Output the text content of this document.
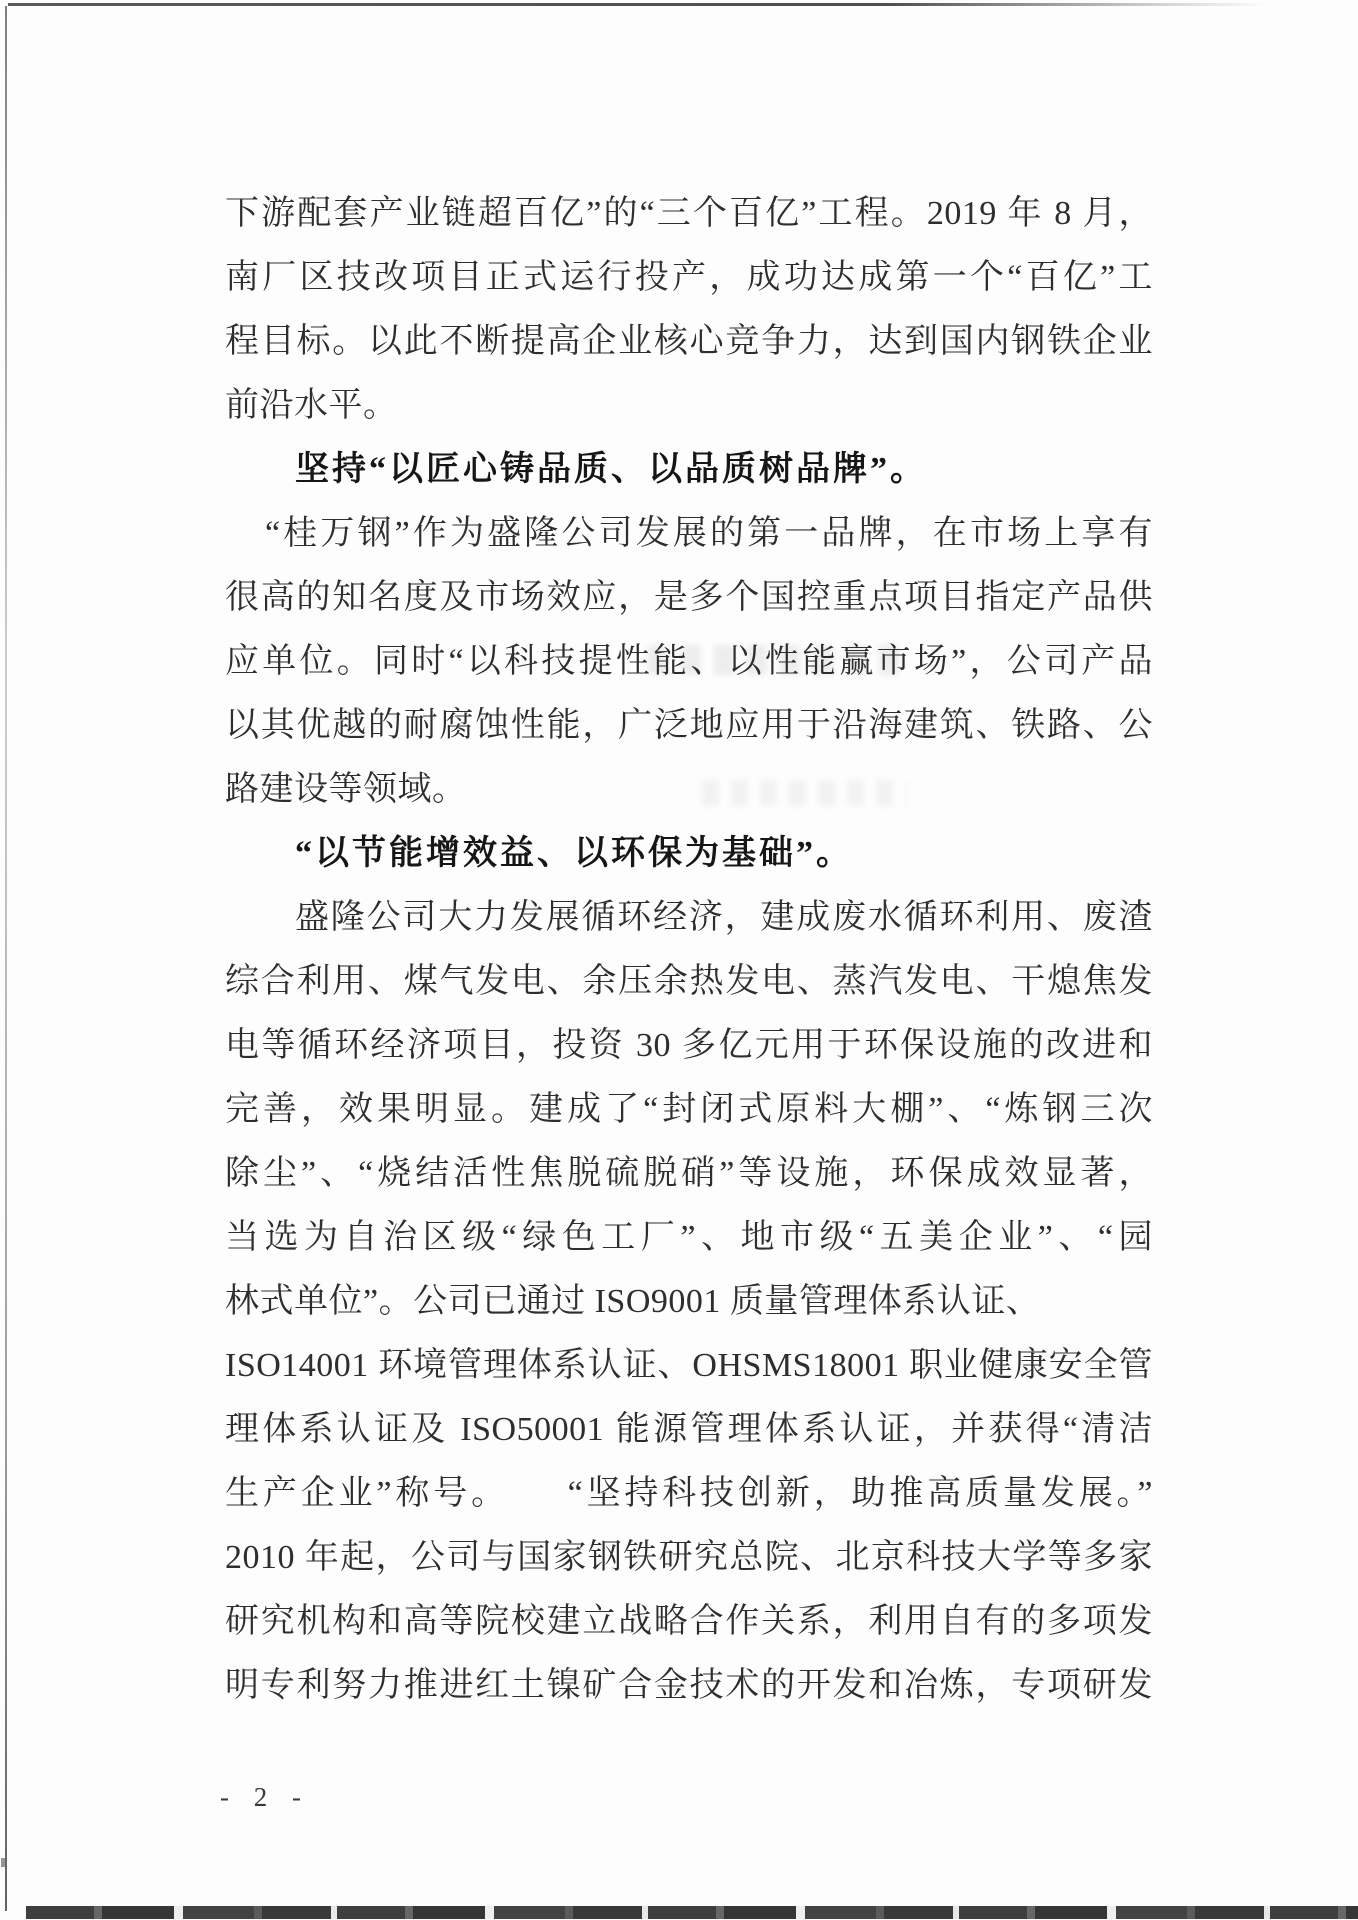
下游配套产业链超百亿”的“三个百亿”工程。2019 年 8 月，

南厂区技改项目正式运行投产，成功达成第一个“百亿”工

程目标。以此不断提高企业核心竞争力，达到国内钢铁企业

前沿水平。

坚持“以匠心铸品质、以品质树品牌”。

“桂万钢”作为盛隆公司发展的第一品牌，在市场上享有

很高的知名度及市场效应，是多个国控重点项目指定产品供

应单位。同时“以科技提性能、以性能赢市场”，公司产品

以其优越的耐腐蚀性能，广泛地应用于沿海建筑、铁路、公

路建设等领域。

“以节能增效益、以环保为基础”。

盛隆公司大力发展循环经济，建成废水循环利用、废渣

综合利用、煤气发电、余压余热发电、蒸汽发电、干熄焦发

电等循环经济项目，投资 30 多亿元用于环保设施的改进和

完善，效果明显。建成了“封闭式原料大棚”、“炼钢三次

除尘”、“烧结活性焦脱硫脱硝”等设施，环保成效显著，

当选为自治区级“绿色工厂”、地市级“五美企业”、“园

林式单位”。公司已通过 ISO9001 质量管理体系认证、

ISO14001 环境管理体系认证、OHSMS18001 职业健康安全管

理体系认证及 ISO50001 能源管理体系认证，并获得“清洁

生产企业”称号。　　“坚持科技创新，助推高质量发展。”

2010 年起，公司与国家钢铁研究总院、北京科技大学等多家

研究机构和高等院校建立战略合作关系，利用自有的多项发

明专利努力推进红土镍矿合金技术的开发和冶炼，专项研发

- 2 -
